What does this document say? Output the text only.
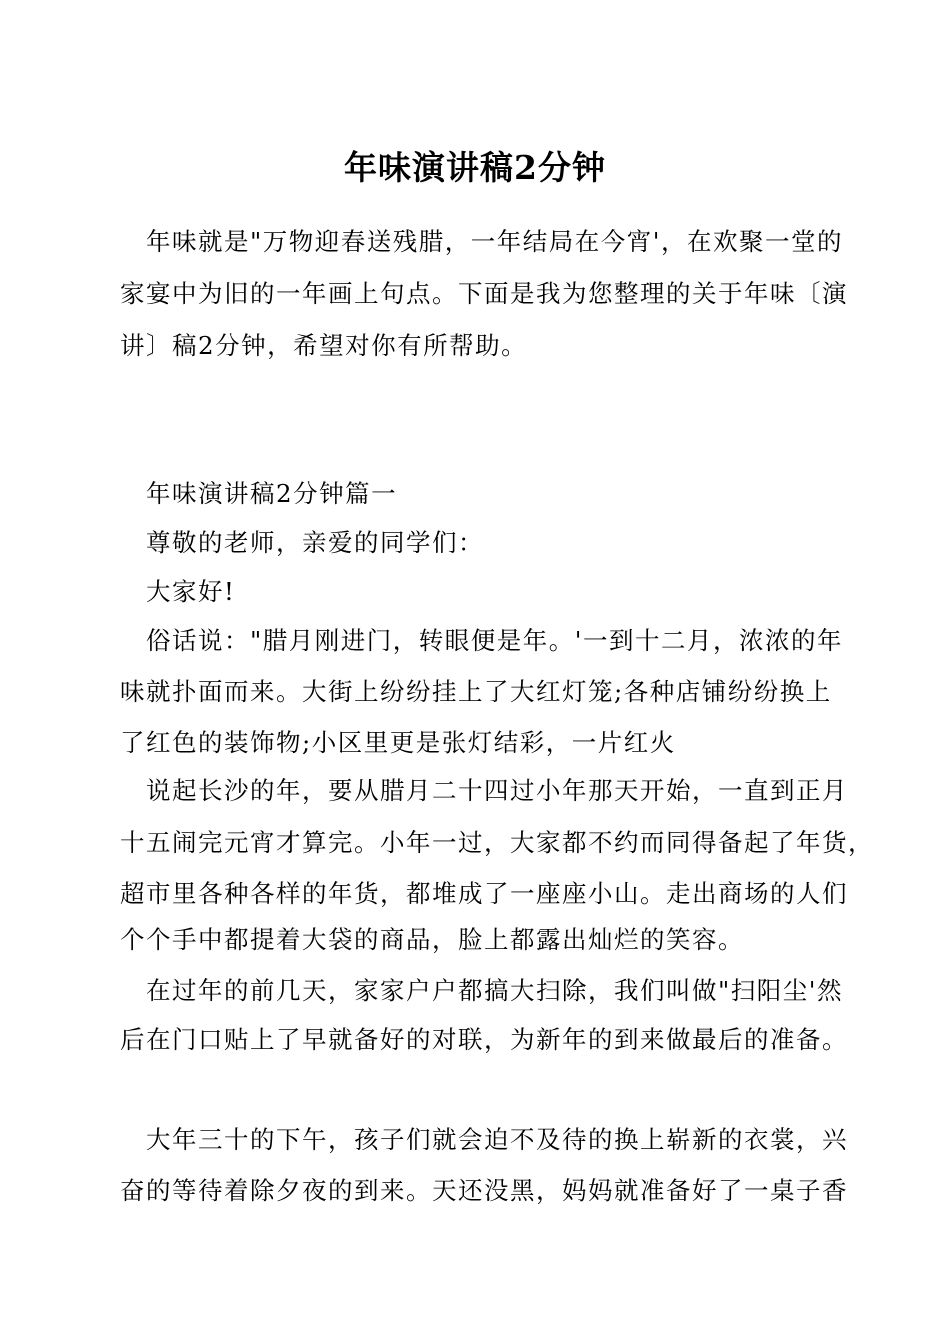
年味演讲稿2分钟
年味就是"万物迎春送残腊，一年结局在今宵'，在欢聚一堂的
家宴中为旧的一年画上句点。下面是我为您整理的关于年味〔演
讲〕稿2分钟，希望对你有所帮助。
年味演讲稿2分钟篇一
尊敬的老师，亲爱的同学们：
大家好!
俗话说："腊月刚进门，转眼便是年。'一到十二月，浓浓的年
味就扑面而来。大街上纷纷挂上了大红灯笼;各种店铺纷纷换上
了红色的装饰物;小区里更是张灯结彩，一片红火
说起长沙的年，要从腊月二十四过小年那天开始，一直到正月
十五闹完元宵才算完。小年一过，大家都不约而同得备起了年货，
超市里各种各样的年货，都堆成了一座座小山。走出商场的人们
个个手中都提着大袋的商品，脸上都露出灿烂的笑容。
在过年的前几天，家家户户都搞大扫除，我们叫做"扫阳尘'然
后在门口贴上了早就备好的对联，为新年的到来做最后的准备。
大年三十的下午，孩子们就会迫不及待的换上崭新的衣裳，兴
奋的等待着除夕夜的到来。天还没黑，妈妈就准备好了一桌子香
